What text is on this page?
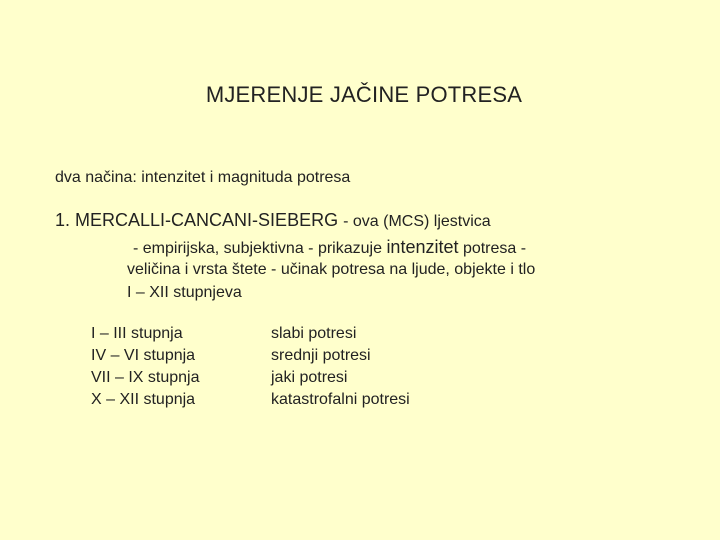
MJERENJE JAČINE POTRESA
dva načina: intenzitet i magnituda potresa
1. MERCALLI-CANCANI-SIEBERG - ova (MCS) ljestvica
- empirijska, subjektivna - prikazuje intenzitet potresa -
veličina i vrsta štete - učinak potresa na ljude, objekte i tlo
I – XII stupnjeva
I – III stupnja	slabi potresi
IV – VI stupnja	srednji potresi
VII – IX stupnja	jaki potresi
X – XII stupnja	katastrofalni potresi
